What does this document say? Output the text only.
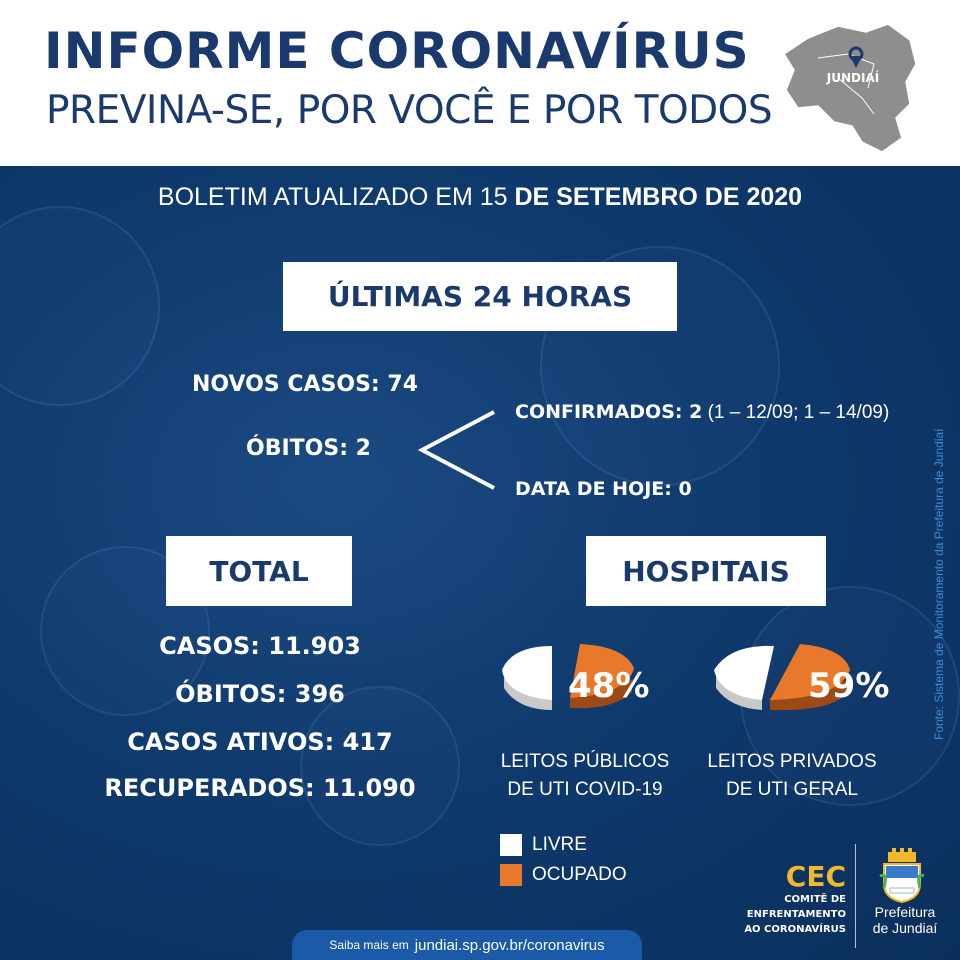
INFORME CORONAVÍRUS
PREVINA-SE, POR VOCÊ E POR TODOS
JUNDIAÍ
BOLETIM ATUALIZADO EM 15 DE SETEMBRO DE 2020
ÚLTIMAS 24 HORAS
NOVOS CASOS: 74
ÓBITOS: 2
CONFIRMADOS: 2 (1 – 12/09; 1 – 14/09)
DATA DE HOJE: 0
TOTAL
CASOS: 11.903
ÓBITOS: 396
CASOS ATIVOS: 417
RECUPERADOS: 11.090
HOSPITAIS
48%
LEITOS PÚBLICOS
DE UTI COVID-19
59%
LEITOS PRIVADOS
DE UTI GERAL
LIVRE
OCUPADO
Fonte: Sistema de Monitoramento da Prefeitura de Jundiaí
Saiba mais em jundiai.sp.gov.br/coronavirus
CEC
COMITÊ DE
ENFRENTAMENTO
AO CORONAVÍRUS
Prefeitura
de Jundiaí
